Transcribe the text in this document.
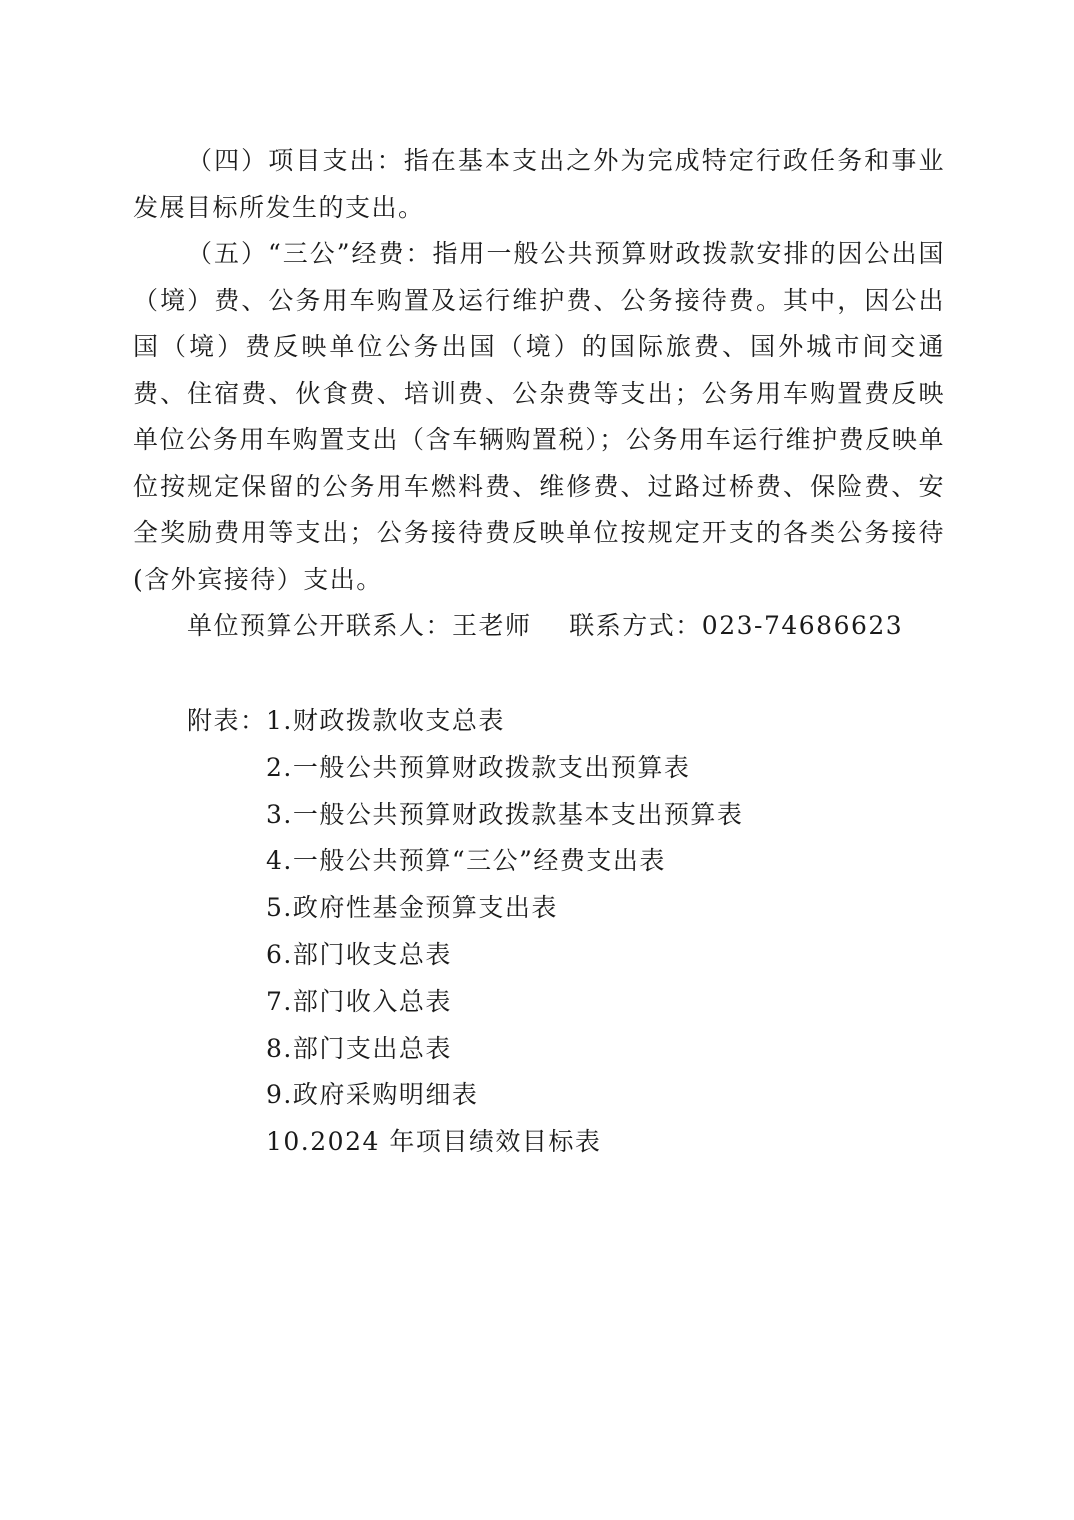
（四）项目支出：指在基本支出之外为完成特定行政任务和事业发展目标所发生的支出。

（五）“三公”经费：指用一般公共预算财政拨款安排的因公出国（境）费、公务用车购置及运行维护费、公务接待费。其中，因公出国（境）费反映单位公务出国（境）的国际旅费、国外城市间交通费、住宿费、伙食费、培训费、公杂费等支出；公务用车购置费反映单位公务用车购置支出（含车辆购置税）；公务用车运行维护费反映单位按规定保留的公务用车燃料费、维修费、过路过桥费、保险费、安全奖励费用等支出；公务接待费反映单位按规定开支的各类公务接待(含外宾接待）支出。

单位预算公开联系人：王老师    联系方式：023-74686623

附表： 1.财政拨款收支总表
2.一般公共预算财政拨款支出预算表
3.一般公共预算财政拨款基本支出预算表
4.一般公共预算“三公”经费支出表
5.政府性基金预算支出表
6.部门收支总表
7.部门收入总表
8.部门支出总表
9.政府采购明细表
10.2024 年项目绩效目标表
